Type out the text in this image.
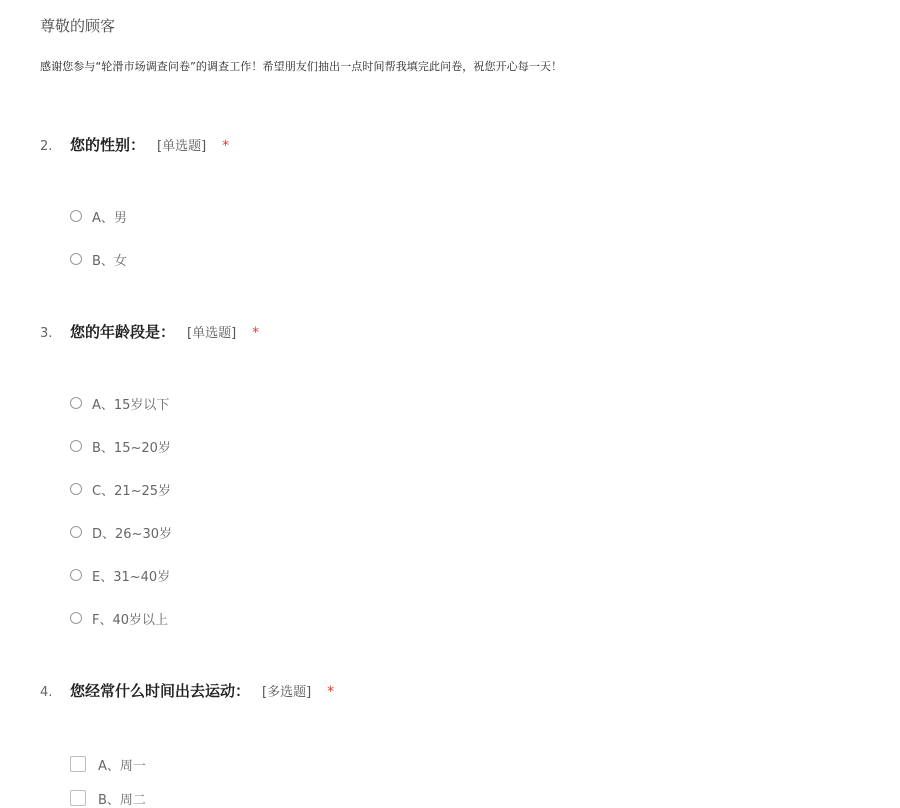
尊敬的顾客
感谢您参与“轮滑市场调查问卷”的调查工作！希望朋友们抽出一点时间帮我填完此问卷，祝您开心每一天！
2.	您的性别： [单选题] *
A、男
B、女
3.	您的年龄段是： [单选题] *
A、15岁以下
B、15~20岁
C、21~25岁
D、26~30岁
E、31~40岁
F、40岁以上
4.	您经常什么时间出去运动： [多选题] *
A、周一
B、周二
